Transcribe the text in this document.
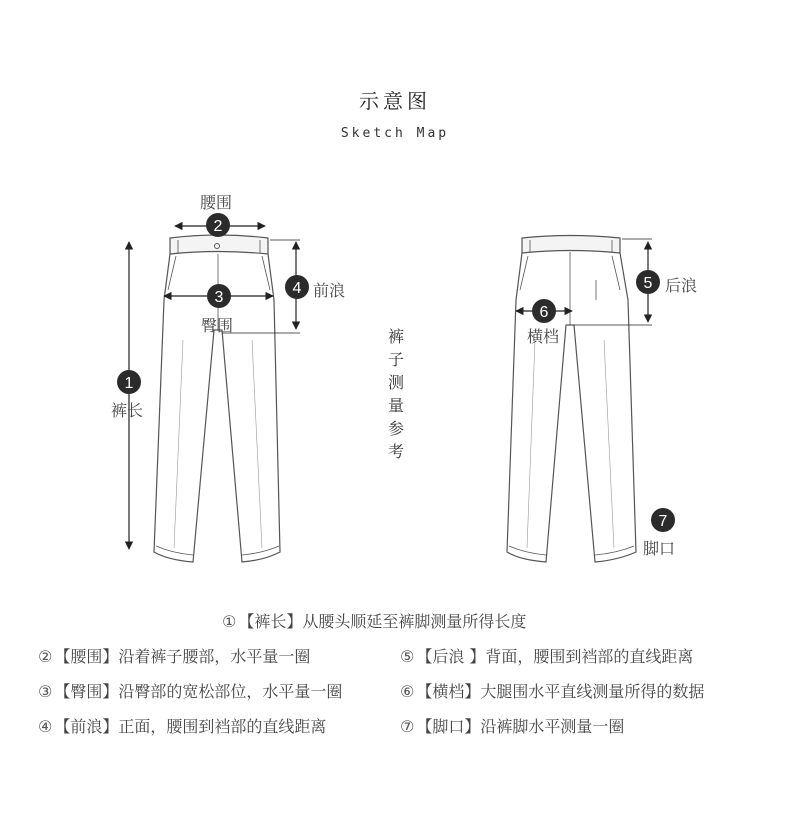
示意图
Sketch Map
2
3
4
1
5
6
7
腰围
臀围
前浪
裤长
后浪
横档
脚口
裤
子
测
量
参
考
① 【裤长】从腰头顺延至裤脚测量所得长度
② 【腰围】沿着裤子腰部，水平量一圈	⑤ 【后浪 】背面，腰围到裆部的直线距离
③ 【臀围】沿臀部的宽松部位，水平量一圈	⑥ 【横档】大腿围水平直线测量所得的数据
④ 【前浪】正面，腰围到裆部的直线距离	⑦ 【脚口】沿裤脚水平测量一圈
